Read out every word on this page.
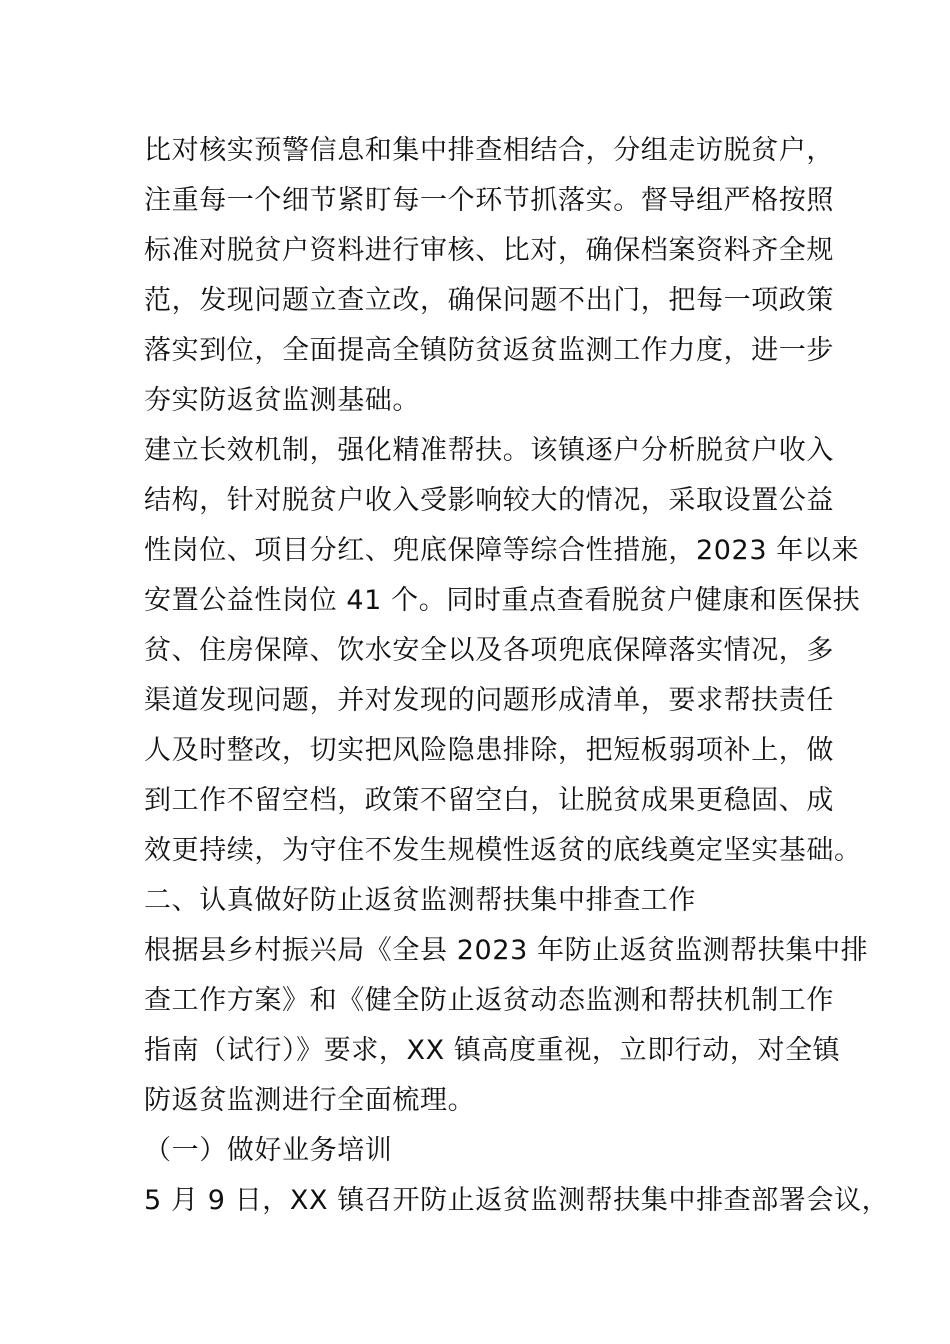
比对核实预警信息和集中排查相结合，分组走访脱贫户，
注重每一个细节紧盯每一个环节抓落实。督导组严格按照
标准对脱贫户资料进行审核、比对，确保档案资料齐全规
范，发现问题立查立改，确保问题不出门，把每一项政策
落实到位，全面提高全镇防贫返贫监测工作力度，进一步
夯实防返贫监测基础。
建立长效机制，强化精准帮扶。该镇逐户分析脱贫户收入
结构，针对脱贫户收入受影响较大的情况，采取设置公益
性岗位、项目分红、兜底保障等综合性措施，2023 年以来
安置公益性岗位 41 个。同时重点查看脱贫户健康和医保扶
贫、住房保障、饮水安全以及各项兜底保障落实情况，多
渠道发现问题，并对发现的问题形成清单，要求帮扶责任
人及时整改，切实把风险隐患排除，把短板弱项补上，做
到工作不留空档，政策不留空白，让脱贫成果更稳固、成
效更持续，为守住不发生规模性返贫的底线奠定坚实基础。
二、认真做好防止返贫监测帮扶集中排查工作
根据县乡村振兴局《全县 2023 年防止返贫监测帮扶集中排
查工作方案》和《健全防止返贫动态监测和帮扶机制工作
指南（试行）》要求，XX 镇高度重视，立即行动，对全镇
防返贫监测进行全面梳理。
（一）做好业务培训
5 月 9 日，XX 镇召开防止返贫监测帮扶集中排查部署会议，
